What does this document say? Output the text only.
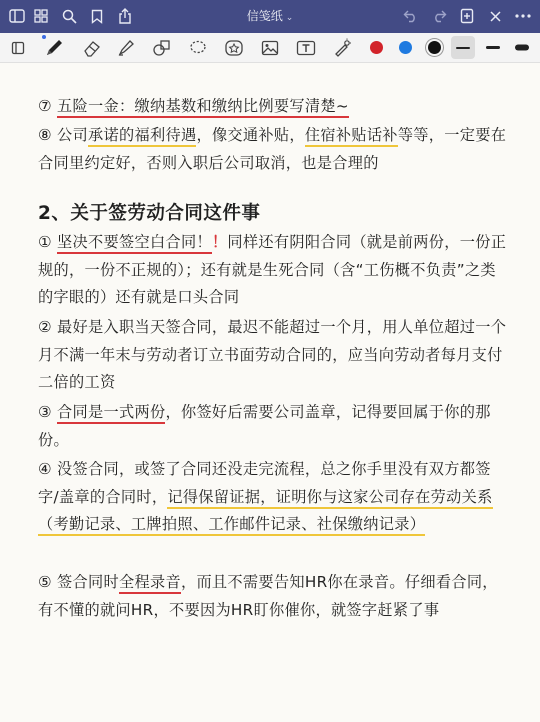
信笺纸 ⌄
⑦ 五险一金：缴纳基数和缴纳比例要写清楚~
⑧ 公司承诺的福利待遇，像交通补贴，住宿补贴话补等等，一定要在合同里约定好，否则入职后公司取消，也是合理的
2、关于签劳动合同这件事
① 坚决不要签空白合同！！同样还有阴阳合同（就是前两份，一份正规的，一份不正规的）；还有就是生死合同（含“工伤概不负责”之类的字眼的）还有就是口头合同
② 最好是入职当天签合同，最迟不能超过一个月，用人单位超过一个月不满一年末与劳动者订立书面劳动合同的，应当向劳动者每月支付二倍的工资
③ 合同是一式两份，你签好后需要公司盖章，记得要回属于你的那份。
④ 没签合同，或签了合同还没走完流程，总之你手里没有双方都签字/盖章的合同时，记得保留证据，证明你与这家公司存在劳动关系（考勤记录、工牌拍照、工作邮件记录、社保缴纳记录）
⑤ 签合同时全程录音，而且不需要告知HR你在录音。仔细看合同，有不懂的就问HR，不要因为HR盯你催你，就签字赶紧了事
